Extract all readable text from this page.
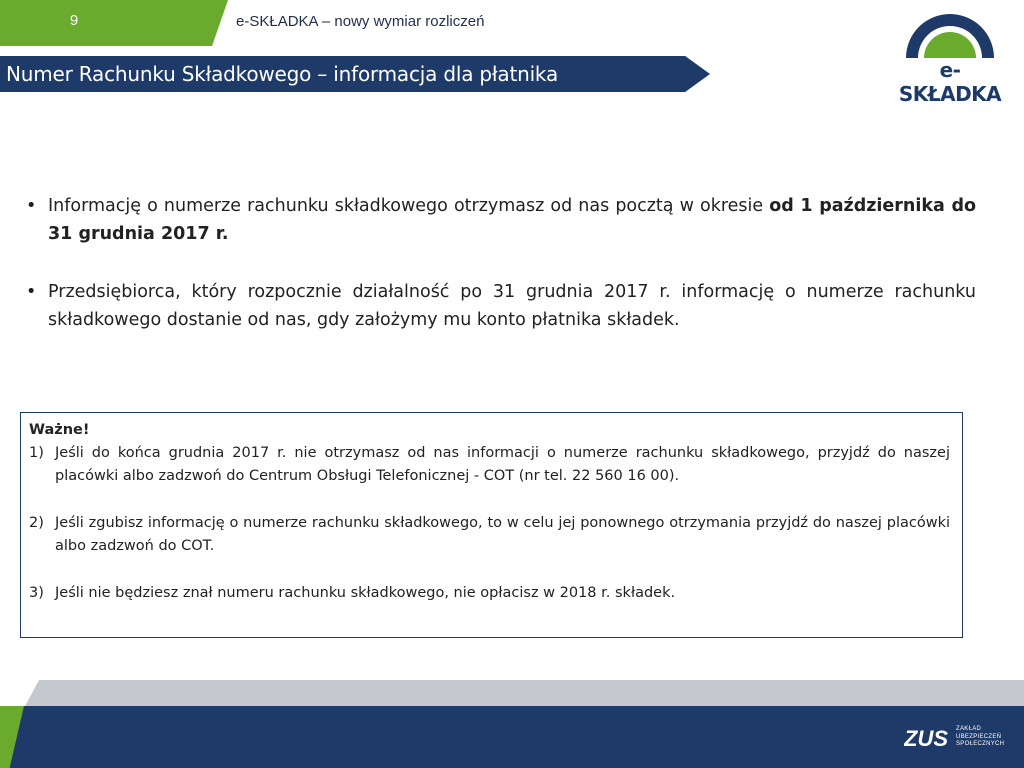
9	e-SKŁADKA – nowy wymiar rozliczeń
Numer Rachunku Składkowego – informacja dla płatnika	e-SKŁADKA
• Informację o numerze rachunku składkowego otrzymasz od nas pocztą w okresie od 1 października do 31 grudnia 2017 r.
• Przedsiębiorca, który rozpocznie działalność po 31 grudnia 2017 r. informację o numerze rachunku składkowego dostanie od nas, gdy założymy mu konto płatnika składek.
Ważne!
1) Jeśli do końca grudnia 2017 r. nie otrzymasz od nas informacji o numerze rachunku składkowego, przyjdź do naszej placówki albo zadzwoń do Centrum Obsługi Telefonicznej - COT (nr tel. 22 560 16 00).
2) Jeśli zgubisz informację o numerze rachunku składkowego, to w celu jej ponownego otrzymania przyjdź do naszej placówki albo zadzwoń do COT.
3) Jeśli nie będziesz znał numeru rachunku składkowego, nie opłacisz w 2018 r. składek.
ZUS ZAKŁAD
UBEZPIECZEŃ
SPOŁECZNYCH
